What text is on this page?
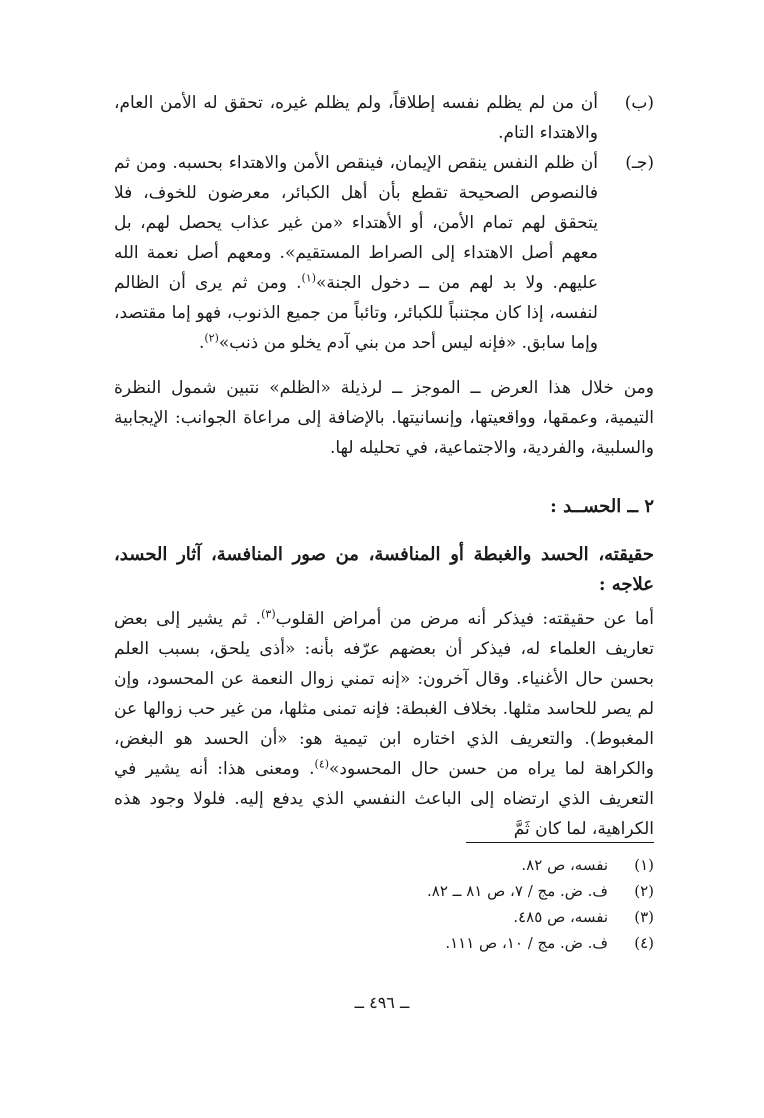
(ب)
أن من لم يظلم نفسه إطلاقاً، ولم يظلم غيره، تحقق له الأمن العام، والاهتداء التام.
(جـ)
أن ظلم النفس ينقص الإيمان، فينقص الأمن والاهتداء بحسبه. ومن ثم فالنصوص الصحيحة تقطع بأن أهل الكبائر، معرضون للخوف، فلا يتحقق لهم تمام الأمن، أو الأهتداء «من غير عذاب يحصل لهم، بل معهم أصل الاهتداء إلى الصراط المستقيم». ومعهم أصل نعمة الله عليهم. ولا بد لهم من ــ دخول الجنة»$^{(١)}$. ومن ثم يرى أن الظالم لنفسه، إذا كان مجتنباً للكبائر، وتائباً من جميع الذنوب، فهو إما مقتصد، وإما سابق. «فإنه ليس أحد من بني آدم يخلو من ذنب»$^{(٢)}$.
ومن خلال هذا العرض ــ الموجز ــ لرذيلة «الظلم» نتبين شمول النظرة التيمية، وعمقها، وواقعيتها، وإنسانيتها. بالإضافة إلى مراعاة الجوانب: الإيجابية والسلبية، والفردية، والاجتماعية، في تحليله لها.
٢ ــ الحســد :
حقيقته، الحسد والغبطة أو المنافسة، من صور المنافسة، آثار الحسد، علاجه :
أما عن حقيقته: فيذكر أنه مرض من أمراض القلوب$^{(٣)}$. ثم يشير إلى بعض تعاريف العلماء له، فيذكر أن بعضهم عرّفه بأنه: «أذى يلحق، بسبب العلم بحسن حال الأغنياء. وقال آخرون: «إنه تمني زوال النعمة عن المحسود، وإن لم يصر للحاسد مثلها. بخلاف الغبطة: فإنه تمنى مثلها، من غير حب زوالها عن المغبوط). والتعريف الذي اختاره ابن تيمية هو: «أن الحسد هو البغض، والكراهة لما يراه من حسن حال المحسود»$^{(٤)}$. ومعنى هذا: أنه يشير في التعريف الذي ارتضاه إلى الباعث النفسي الذي يدفع إليه. فلولا وجود هذه الكراهية، لما كان ثَمَّ
(١)نفسه، ص ٨٢.
(٢)ف. ض. مج / ٧، ص ٨١ ــ ٨٢.
(٣)نفسه، ص ٤٨٥.
(٤)ف. ض. مج / ١٠، ص ١١١.
ــ ٤٩٦ ــ
